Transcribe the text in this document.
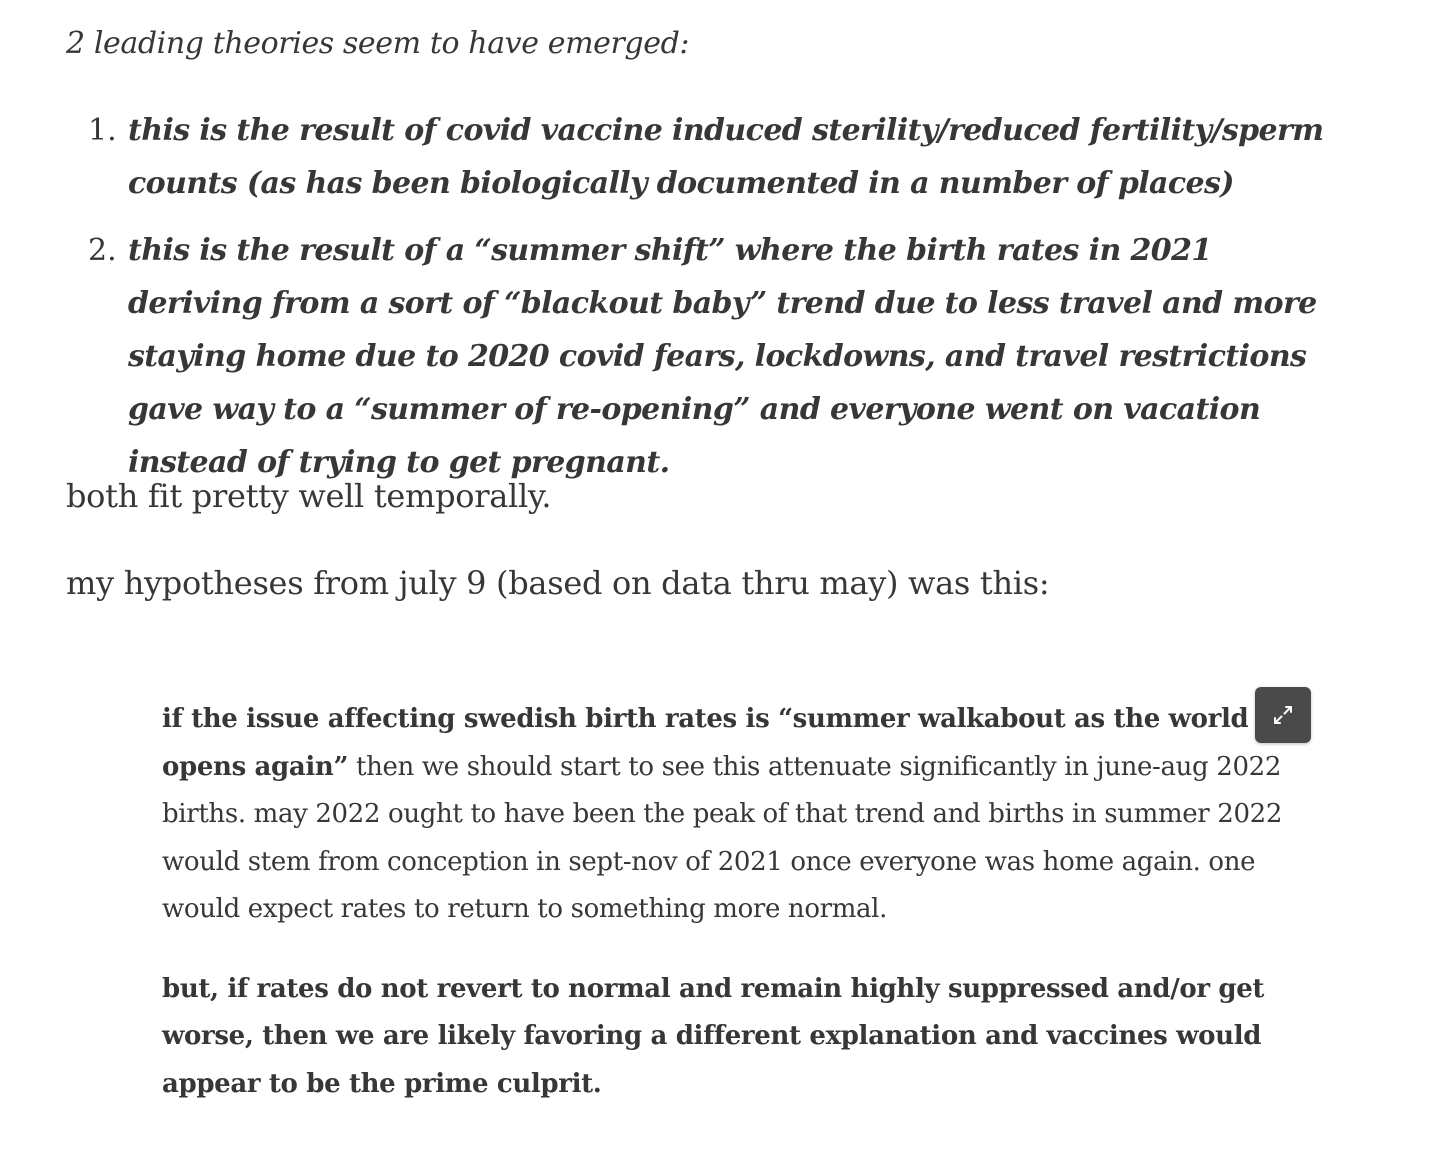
2 leading theories seem to have emerged:

1. this is the result of covid vaccine induced sterility/reduced fertility/sperm counts (as has been biologically documented in a number of places)
2. this is the result of a “summer shift” where the birth rates in 2021 deriving from a sort of “blackout baby” trend due to less travel and more staying home due to 2020 covid fears, lockdowns, and travel restrictions gave way to a “summer of re-opening” and everyone went on vacation instead of trying to get pregnant.

both fit pretty well temporally.

my hypotheses from july 9 (based on data thru may) was this:

if the issue affecting swedish birth rates is “summer walkabout as the world opens again” then we should start to see this attenuate significantly in june-aug 2022 births. may 2022 ought to have been the peak of that trend and births in summer 2022 would stem from conception in sept-nov of 2021 once everyone was home again. one would expect rates to return to something more normal.

but, if rates do not revert to normal and remain highly suppressed and/or get worse, then we are likely favoring a different explanation and vaccines would appear to be the prime culprit.
